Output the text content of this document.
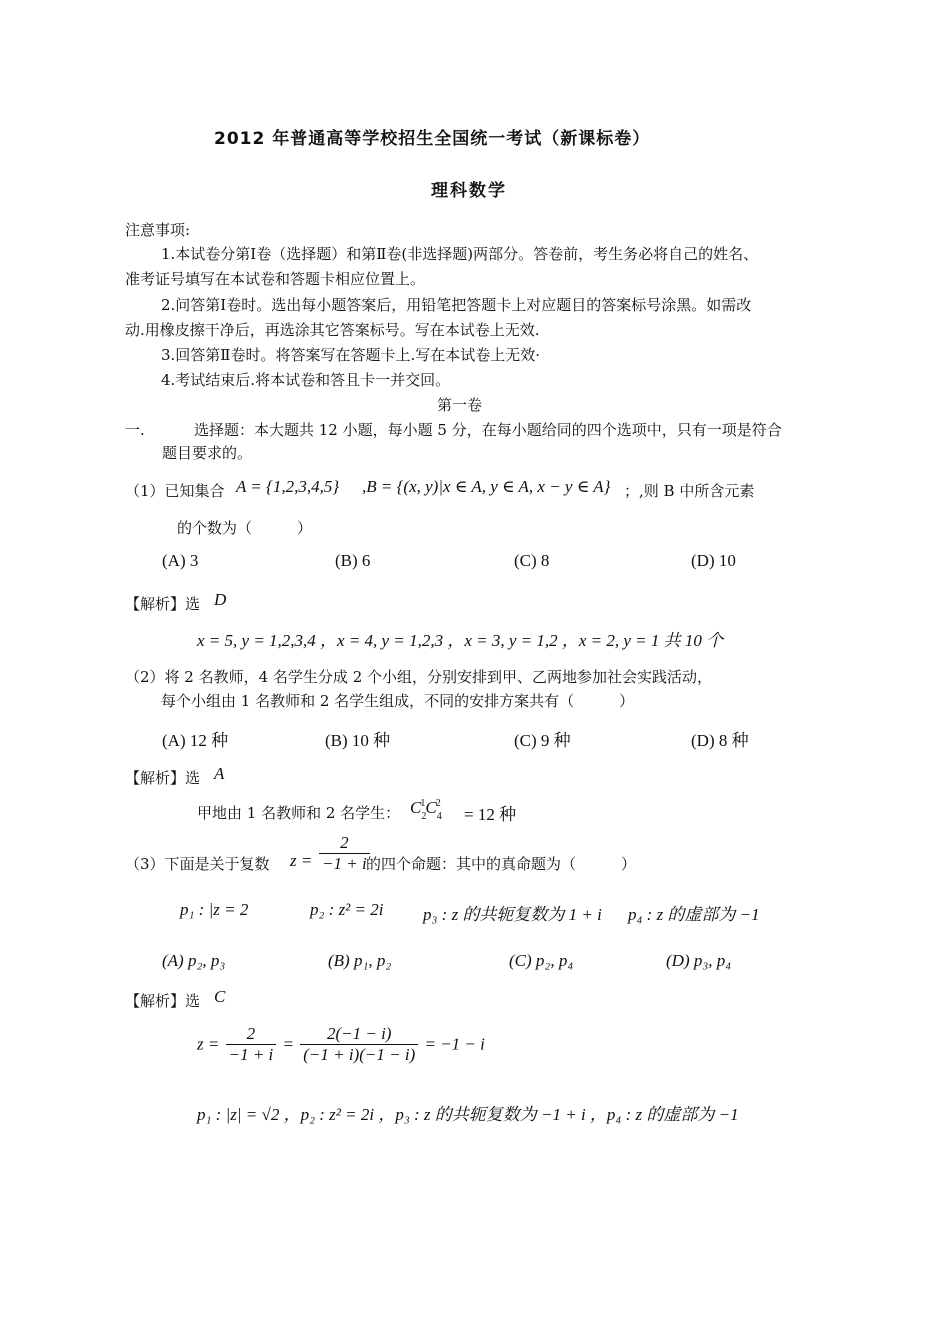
2012 年普通高等学校招生全国统一考试（新课标卷）
理科数学
注意事项:
1.本试卷分第Ⅰ卷（选择题）和第Ⅱ卷(非选择题)两部分。答卷前，考生务必将自己的姓名、
准考证号填写在本试卷和答题卡相应位置上。
2.问答第Ⅰ卷时。选出每小题答案后，用铅笔把答题卡上对应题目的答案标号涂黑。如需改
动.用橡皮擦干净后，再选涂其它答案标号。写在本试卷上无效.
3.回答第Ⅱ卷时。将答案写在答题卡上.写在本试卷上无效·
4.考试结束后.将本试卷和答且卡一并交回。
第一卷
一.	选择题：本大题共 12 小题，每小题 5 分，在每小题给同的四个选项中，只有一项是符合
题目要求的。
（1）已知集合 A = {1,2,3,4,5} ,B = {(x, y)|x ∈ A, y ∈ A, x − y ∈ A} ；,则 B 中所含元素
的个数为（　　　）
(A) 3	(B) 6	(C) 8	(D) 10
【解析】选 D
x = 5, y = 1,2,3,4 ，x = 4, y = 1,2,3 ，x = 3, y = 1,2 ，x = 2, y = 1 共 10 个
（2）将 2 名教师，4 名学生分成 2 个小组，分别安排到甲、乙两地参加社会实践活动，
每个小组由 1 名教师和 2 名学生组成，不同的安排方案共有（　　　）
(A) 12 种	(B) 10 种	(C) 9 种	(D) 8 种
【解析】选 A
甲地由 1 名教师和 2 名学生： $C_2^1C_4^2$
= 12 种
（3）下面是关于复数 $z = \frac{2}{-1 + i}$
的四个命题：其中的真命题为（　　　）
p₁ : |z = 2	p₂ : z² = 2i p₃ : z 的共轭复数为 1 + i p₄ : z 的虚部为 −1
(A) p₂, p₃	(B) p₁, p₂	(C) p₂, p₄	(D) p₃, p₄
【解析】选 C
$z = \frac{2}{-1 + i} = \frac{2(-1 - i)}{(-1 + i)(-1 - i)} = -1 - i$
p₁ : |z| = √2 ，p₂ : z² = 2i ，p₃ : z 的共轭复数为 −1 + i ，p₄ : z 的虚部为 −1
